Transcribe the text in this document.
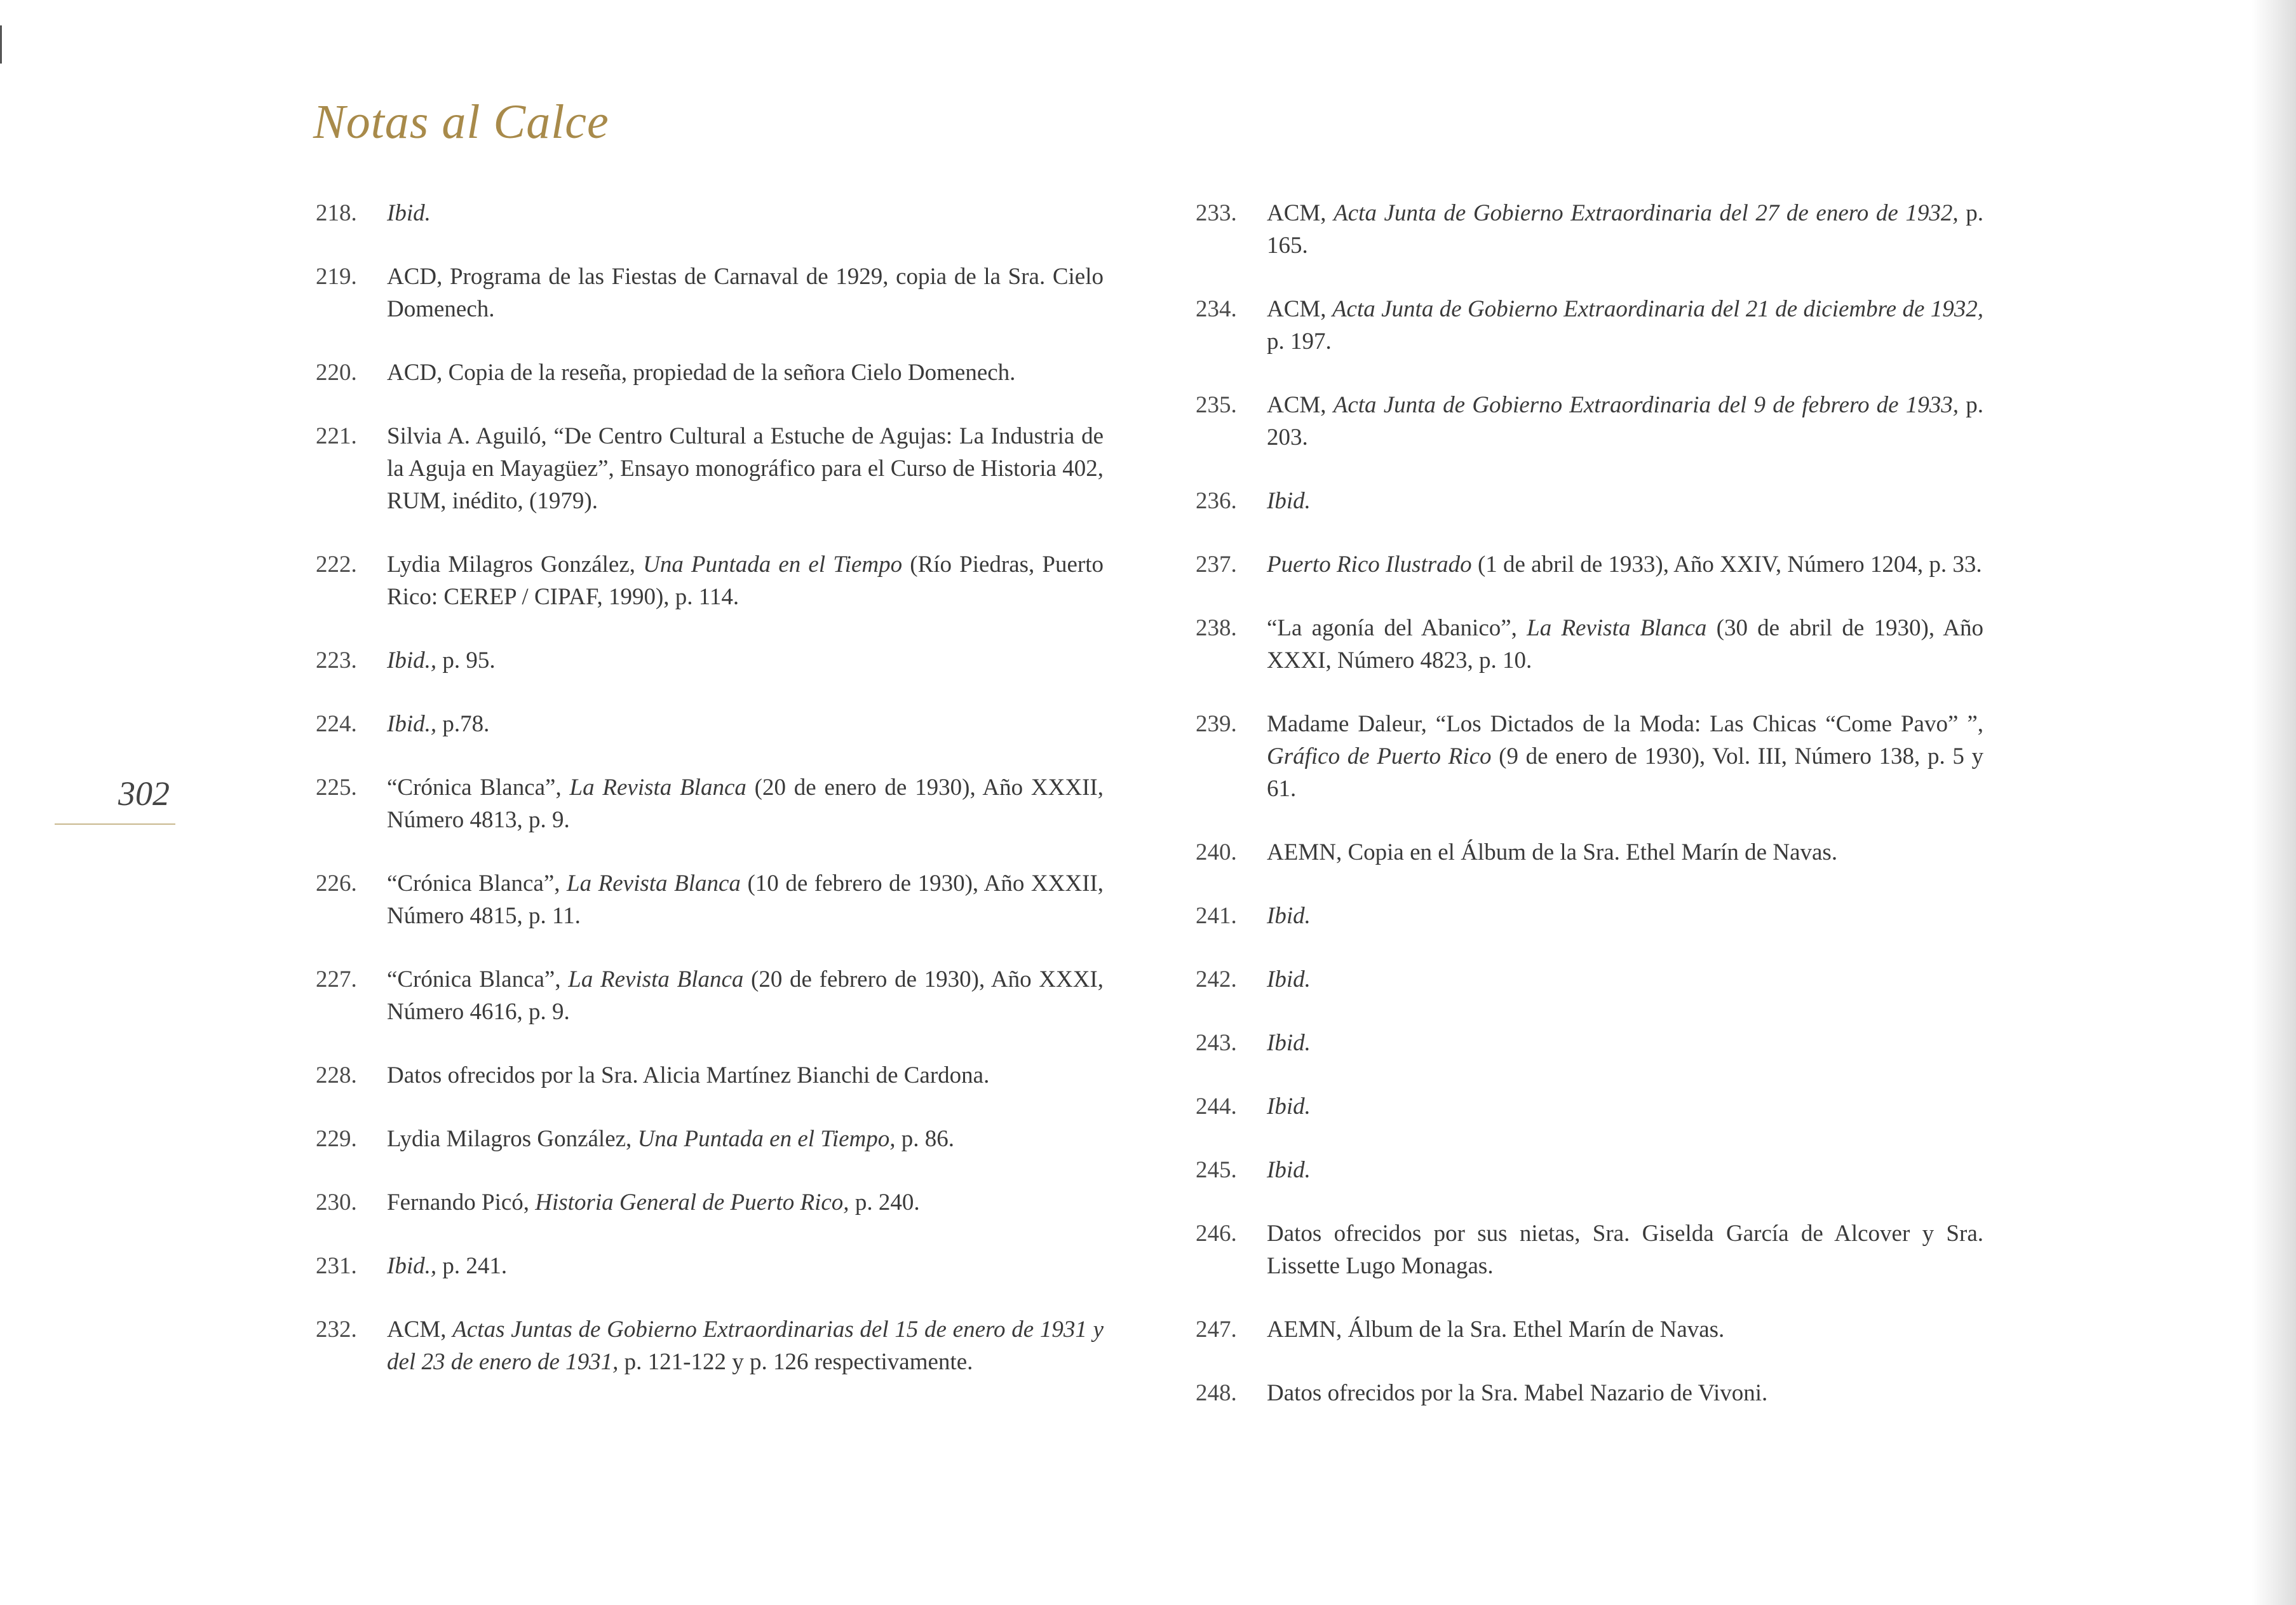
Notas al Calce
302
218.	Ibid.
219.	ACD, Programa de las Fiestas de Carnaval de 1929, copia de la Sra. Cielo Domenech.
220.	ACD, Copia de la reseña, propiedad de la señora Cielo Domenech.
221.	Silvia A. Aguiló, “De Centro Cultural a Estuche de Agujas: La Industria de la Aguja en Mayagüez”, Ensayo monográfico para el Curso de Historia 402, RUM, inédito, (1979).
222.	Lydia Milagros González, Una Puntada en el Tiempo (Río Piedras, Puerto Rico: CEREP / CIPAF, 1990), p. 114.
223.	Ibid., p. 95.
224.	Ibid., p.78.
225.	“Crónica Blanca”, La Revista Blanca (20 de enero de 1930), Año XXXII, Número 4813, p. 9.
226.	“Crónica Blanca”, La Revista Blanca (10 de febrero de 1930), Año XXXII, Número 4815, p. 11.
227.	“Crónica Blanca”, La Revista Blanca (20 de febrero de 1930), Año XXXI, Número 4616, p. 9.
228.	Datos ofrecidos por la Sra. Alicia Martínez Bianchi de Cardona.
229.	Lydia Milagros González, Una Puntada en el Tiempo, p. 86.
230.	Fernando Picó, Historia General de Puerto Rico, p. 240.
231.	Ibid., p. 241.
232.	ACM, Actas Juntas de Gobierno Extraordinarias del 15 de enero de 1931 y del 23 de enero de 1931, p. 121-122 y p. 126 respectivamente.
233.	ACM, Acta Junta de Gobierno Extraordinaria del 27 de enero de 1932, p. 165.
234.	ACM, Acta Junta de Gobierno Extraordinaria del 21 de diciembre de 1932, p. 197.
235.	ACM, Acta Junta de Gobierno Extraordinaria del 9 de febrero de 1933, p. 203.
236.	Ibid.
237.	Puerto Rico Ilustrado (1 de abril de 1933), Año XXIV, Número 1204, p. 33.
238.	“La agonía del Abanico”, La Revista Blanca (30 de abril de 1930), Año XXXI, Número 4823, p. 10.
239.	Madame Daleur, “Los Dictados de la Moda: Las Chicas “Come Pavo” ”, Gráfico de Puerto Rico (9 de enero de 1930), Vol. III, Número 138, p. 5 y 61.
240.	AEMN, Copia en el Álbum de la Sra. Ethel Marín de Navas.
241.	Ibid.
242.	Ibid.
243.	Ibid.
244.	Ibid.
245.	Ibid.
246.	Datos ofrecidos por sus nietas, Sra. Giselda García de Alcover y Sra. Lissette Lugo Monagas.
247.	AEMN, Álbum de la Sra. Ethel Marín de Navas.
248.	Datos ofrecidos por la Sra. Mabel Nazario de Vivoni.
